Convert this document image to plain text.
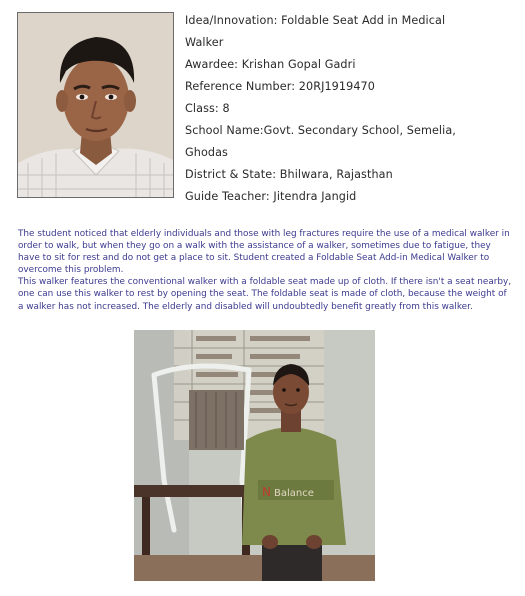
Idea/Innovation: Foldable Seat Add in Medical
Walker
Awardee: Krishan Gopal Gadri
Reference Number: 20RJ1919470
Class: 8
School Name:Govt. Secondary School, Semelia,
Ghodas
District & State: Bhilwara, Rajasthan
Guide Teacher: Jitendra Jangid

The student noticed that elderly individuals and those with leg fractures require the use of a medical walker in order to walk, but when they go on a walk with the assistance of a walker, sometimes due to fatigue, they have to sit for rest and do not get a place to sit. Student created a Foldable Seat Add-in Medical Walker to overcome this problem.

This walker features the conventional walker with a foldable seat made up of cloth. If there isn't a seat nearby, one can use this walker to rest by opening the seat. The foldable seat is made of cloth, because the weight of a walker has not increased. The elderly and disabled will undoubtedly benefit greatly from this walker.

N Balance
